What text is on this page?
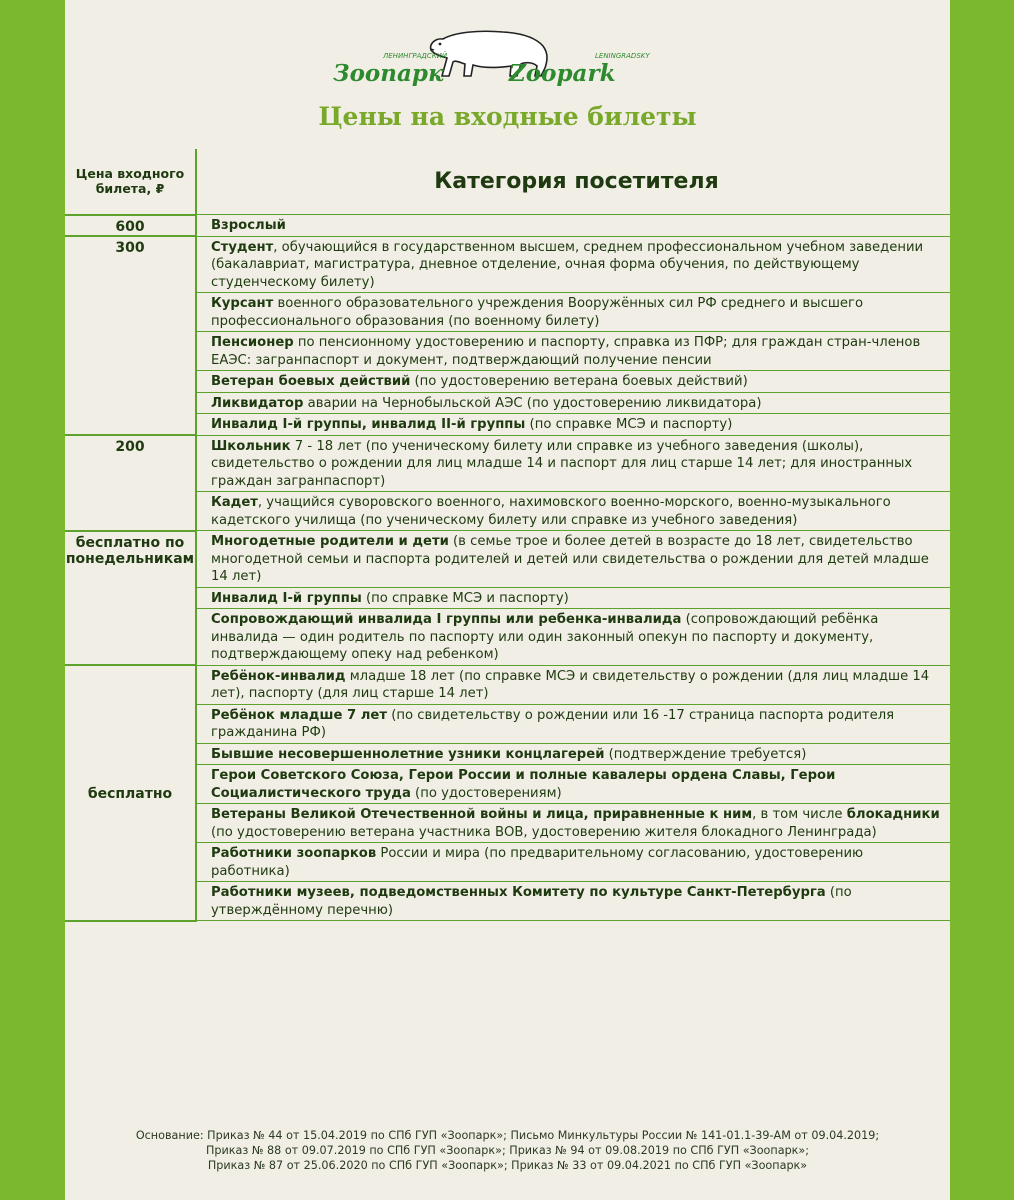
ЛЕНИНГРАДСКИЙ
Зоопарк
LENINGRADSKY
Zoopark
Цены на входные билеты
Цена входного билета, ₽	Категория посетителя
600	Взрослый
300	Студент, обучающийся в государственном высшем, среднем профессиональном учебном заведении (бакалавриат, магистратура, дневное отделение, очная форма обучения, по действующему студенческому билету)
	Курсант военного образовательного учреждения Вооружённых сил РФ среднего и высшего профессионального образования (по военному билету)
	Пенсионер по пенсионному удостоверению и паспорту, справка из ПФР; для граждан стран-членов ЕАЭС: загранпаспорт и документ, подтверждающий получение пенсии
	Ветеран боевых действий (по удостоверению ветерана боевых действий)
	Ликвидатор аварии на Чернобыльской АЭС (по удостоверению ликвидатора)
	Инвалид I-й группы, инвалид II-й группы (по справке МСЭ и паспорту)
200	Школьник 7 - 18 лет (по ученическому билету или справке из учебного заведения (школы), свидетельство о рождении для лиц младше 14 и паспорт для лиц старше 14 лет; для иностранных граждан загранпаспорт)
	Кадет, учащийся суворовского военного, нахимовского военно-морского, военно-музыкального кадетского училища (по ученическому билету или справке из учебного заведения)
бесплатно по понедельникам	Многодетные родители и дети (в семье трое и более детей в возрасте до 18 лет, свидетельство многодетной семьи и паспорта родителей и детей или свидетельства о рождении для детей младше 14 лет)
	Инвалид I-й группы (по справке МСЭ и паспорту)
	Сопровождающий инвалида I группы или ребенка-инвалида (сопровождающий ребёнка инвалида — один родитель по паспорту или один законный опекун по паспорту и документу, подтверждающему опеку над ребенком)
бесплатно	Ребёнок-инвалид младше 18 лет (по справке МСЭ и свидетельству о рождении (для лиц младше 14 лет), паспорту (для лиц старше 14 лет)
	Ребёнок младше 7 лет (по свидетельству о рождении или 16 -17 страница паспорта родителя гражданина РФ)
	Бывшие несовершеннолетние узники концлагерей (подтверждение требуется)
	Герои Советского Союза, Герои России и полные кавалеры ордена Славы, Герои Социалистического труда (по удостоверениям)
	Ветераны Великой Отечественной войны и лица, приравненные к ним, в том числе блокадники (по удостоверению ветерана участника ВОВ, удостоверению жителя блокадного Ленинграда)
	Работники зоопарков России и мира (по предварительному согласованию, удостоверению работника)
	Работники музеев, подведомственных Комитету по культуре Санкт-Петербурга (по утверждённому перечню)
Основание: Приказ № 44 от 15.04.2019 по СПб ГУП «Зоопарк»; Письмо Минкультуры России № 141-01.1-39-АМ от 09.04.2019;
Приказ № 88 от 09.07.2019 по СПб ГУП «Зоопарк»; Приказ № 94 от 09.08.2019 по СПб ГУП «Зоопарк»;
Приказ № 87 от 25.06.2020 по СПб ГУП «Зоопарк»; Приказ № 33 от 09.04.2021 по СПб ГУП «Зоопарк»
